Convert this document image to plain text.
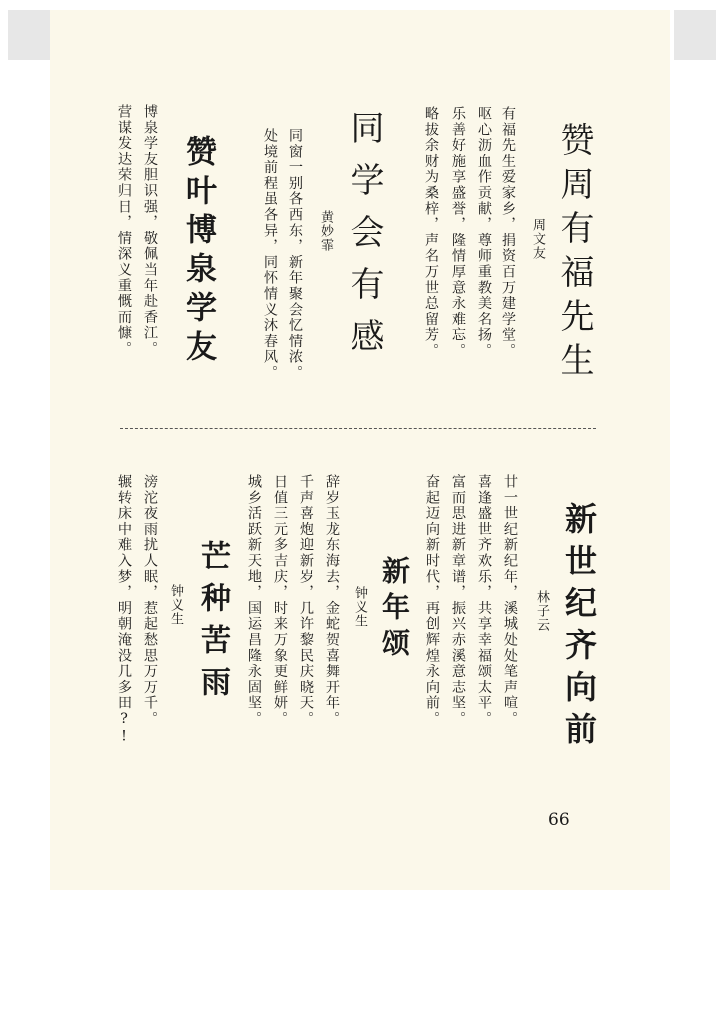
赞周有福先生
周文友
有福先生爱家乡，捐资百万建学堂。
呕心沥血作贡献，尊师重教美名扬。
乐善好施享盛誉，隆情厚意永难忘。
略拔余财为桑梓，声名万世总留芳。
同学会有感
黄妙霏
同窗一别各西东，新年聚会忆情浓。
处境前程虽各异，同怀情义沐春风。
赞叶博泉学友
博泉学友胆识强，敬佩当年赴香江。
营谋发达荣归日，情深义重慨而慷。
新世纪齐向前
林子云
廿一世纪新纪年，溪城处处笔声喧。
喜逢盛世齐欢乐，共享幸福颂太平。
富而思进新章谱，振兴赤溪意志坚。
奋起迈向新时代，再创辉煌永向前。
新年颂
钟义生
辞岁玉龙东海去，金蛇贺喜舞开年。
千声喜炮迎新岁，几许黎民庆晓天。
日值三元多吉庆，时来万象更鲜妍。
城乡活跃新天地，国运昌隆永固坚。
芒种苦雨
钟义生
滂沱夜雨扰人眠，惹起愁思万万千。
辗转床中难入梦，明朝淹没几多田?!
66
